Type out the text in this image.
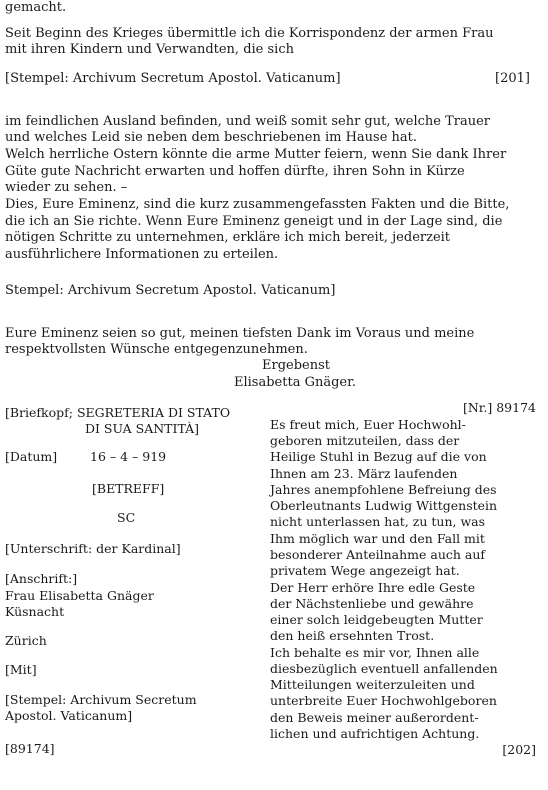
gemacht.
Seit Beginn des Krieges übermittle ich die Korrispondenz der armen Frau
mit ihren Kindern und Verwandten, die sich
[Stempel: Archivum Secretum Apostol. Vaticanum]	[201]
im feindlichen Ausland befinden, und weiß somit sehr gut, welche Trauer
und welches Leid sie neben dem beschriebenen im Hause hat.
Welch herrliche Ostern könnte die arme Mutter feiern, wenn Sie dank Ihrer
Güte gute Nachricht erwarten und hoffen dürfte, ihren Sohn in Kürze
wieder zu sehen. –
Dies, Eure Eminenz, sind die kurz zusammengefassten Fakten und die Bitte,
die ich an Sie richte. Wenn Eure Eminenz geneigt und in der Lage sind, die
nötigen Schritte zu unternehmen, erkläre ich mich bereit, jederzeit
ausführlichere Informationen zu erteilen.
Stempel: Archivum Secretum Apostol. Vaticanum]
Eure Eminenz seien so gut, meinen tiefsten Dank im Voraus und meine
respektvollsten Wünsche entgegenzunehmen.
Ergebenst
Elisabetta Gnäger.
[Briefkopf; SEGRETERIA DI STATO
DI SUA SANTITÀ]
[Datum]	16 – 4 – 919
[BETREFF]
SC
[Unterschrift: der Kardinal]
[Anschrift:]
Frau Elisabetta Gnäger
Küsnacht
Zürich
[Mit]
[Stempel: Archivum Secretum
Apostol. Vaticanum]
[89174]
[Nr.] 89174
Es freut mich, Euer Hochwohl-
geboren mitzuteilen, dass der
Heilige Stuhl in Bezug auf die von
Ihnen am 23. März laufenden
Jahres anempfohlene Befreiung des
Oberleutnants Ludwig Wittgenstein
nicht unterlassen hat, zu tun, was
Ihm möglich war und den Fall mit
besonderer Anteilnahme auch auf
privatem Wege angezeigt hat.
Der Herr erhöre Ihre edle Geste
der Nächstenliebe und gewähre
einer solch leidgebeugten Mutter
den heiß ersehnten Trost.
Ich behalte es mir vor, Ihnen alle
diesbezüglich eventuell anfallenden
Mitteilungen weiterzuleiten und
unterbreite Euer Hochwohlgeboren
den Beweis meiner außerordent-
lichen und aufrichtigen Achtung.
[202]
